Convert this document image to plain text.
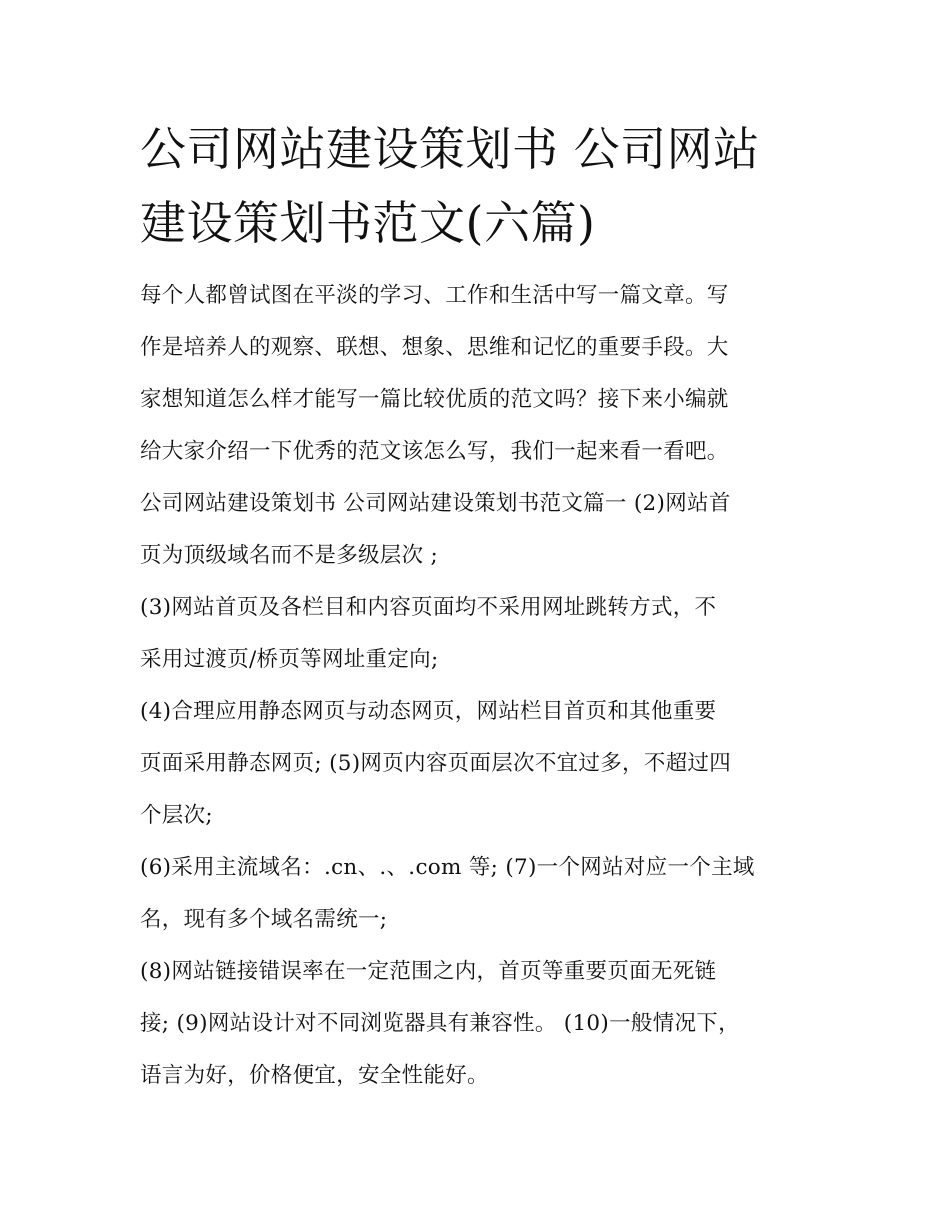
公司网站建设策划书 公司网站
建设策划书范文(六篇)
每个人都曾试图在平淡的学习、工作和生活中写一篇文章。写
作是培养人的观察、联想、想象、思维和记忆的重要手段。大
家想知道怎么样才能写一篇比较优质的范文吗？接下来小编就
给大家介绍一下优秀的范文该怎么写，我们一起来看一看吧。
公司网站建设策划书 公司网站建设策划书范文篇一 (2)网站首
页为顶级域名而不是多级层次 ;
(3)网站首页及各栏目和内容页面均不采用网址跳转方式，不
采用过渡页/桥页等网址重定向;
(4)合理应用静态网页与动态网页，网站栏目首页和其他重要
页面采用静态网页; (5)网页内容页面层次不宜过多，不超过四
个层次;
(6)采用主流域名：.cn、.、.com 等; (7)一个网站对应一个主域
名，现有多个域名需统一;
(8)网站链接错误率在一定范围之内，首页等重要页面无死链
接; (9)网站设计对不同浏览器具有兼容性。 (10)一般情况下，
语言为好，价格便宜，安全性能好。
